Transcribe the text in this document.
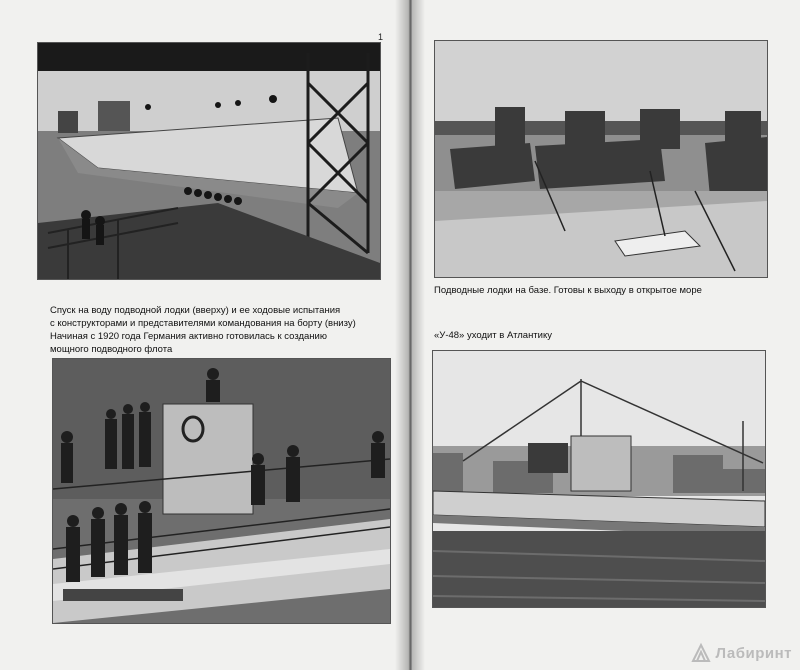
1

Спуск на воду подводной лодки (вверху) и ее ходовые испытания
с конструкторами и представителями командования на борту (внизу)
Начиная с 1920 года Германия активно готовилась к созданию
мощного подводного флота

Подводные лодки на базе. Готовы к выходу в открытое море

«У-48» уходит в Атлантику

Лабиринт
